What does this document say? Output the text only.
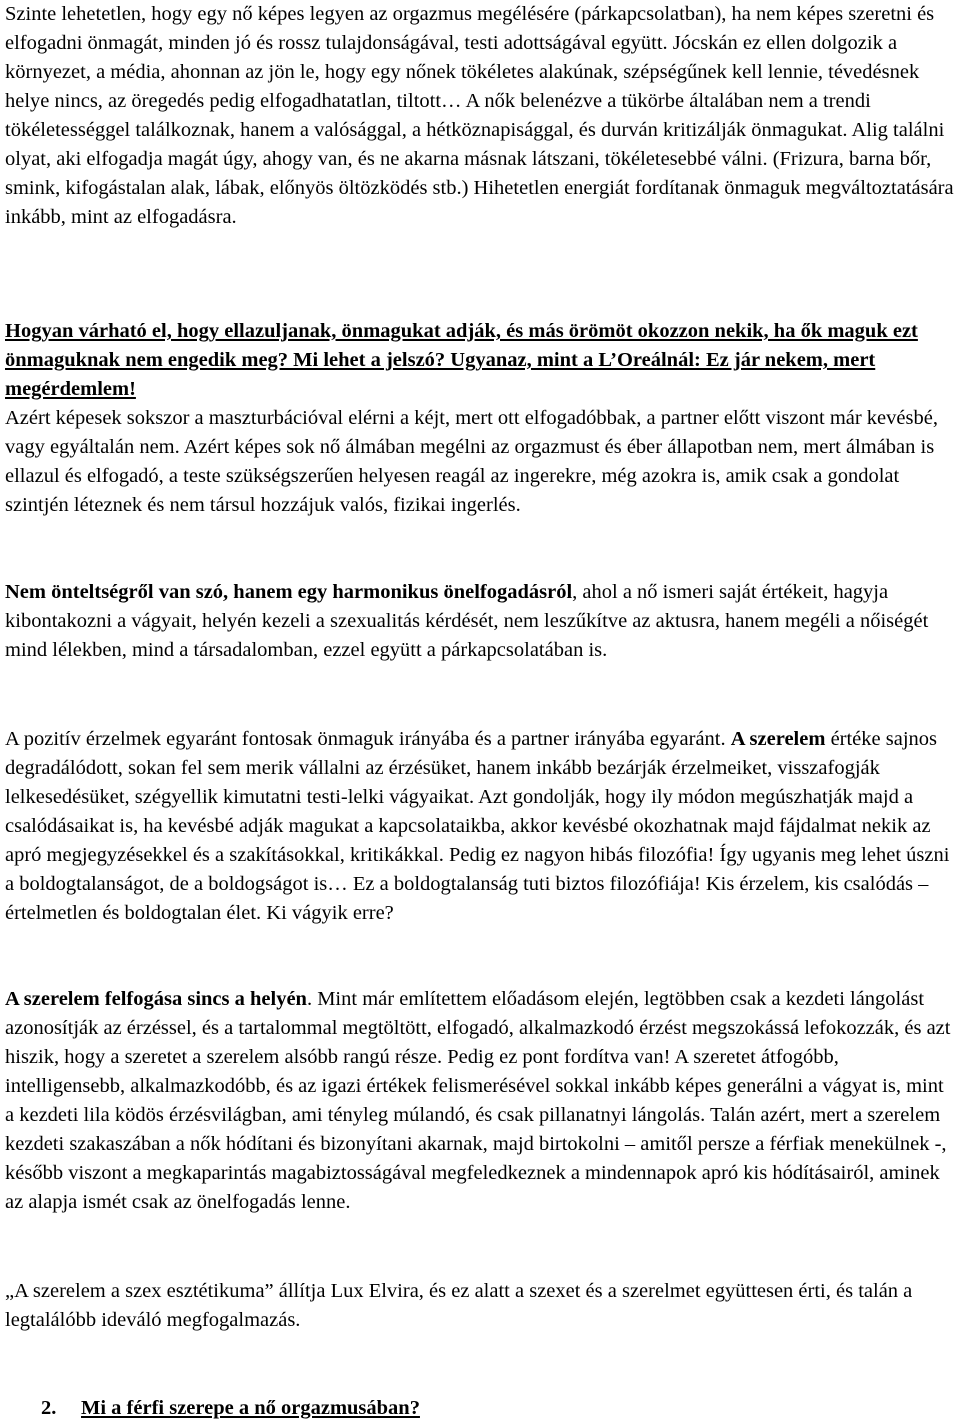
Szinte lehetetlen, hogy egy nő képes legyen az orgazmus megélésére (párkapcsolatban), ha nem képes szeretni és elfogadni önmagát, minden jó és rossz tulajdonságával, testi adottságával együtt. Jócskán ez ellen dolgozik a környezet, a média, ahonnan az jön le, hogy egy nőnek tökéletes alakúnak, szépségűnek kell lennie, tévedésnek helye nincs, az öregedés pedig elfogadhatatlan, tiltott… A nők belenézve a tükörbe általában nem a trendi tökéletességgel találkoznak, hanem a valósággal, a hétköznapisággal, és durván kritizálják önmagukat. Alig találni olyat, aki elfogadja magát úgy, ahogy van, és ne akarna másnak látszani, tökéletesebbé válni. (Frizura, barna bőr, smink, kifogástalan alak, lábak, előnyös öltözködés stb.) Hihetetlen energiát fordítanak önmaguk megváltoztatására inkább, mint az elfogadásra.

Hogyan várható el, hogy ellazuljanak, önmagukat adják, és más örömöt okozzon nekik, ha ők maguk ezt önmaguknak nem engedik meg? Mi lehet a jelszó? Ugyanaz, mint a L’Oreálnál: Ez jár nekem, mert megérdemlem!
Azért képesek sokszor a maszturbációval elérni a kéjt, mert ott elfogadóbbak, a partner előtt viszont már kevésbé, vagy egyáltalán nem. Azért képes sok nő álmában megélni az orgazmust és éber állapotban nem, mert álmában is ellazul és elfogadó, a teste szükségszerűen helyesen reagál az ingerekre, még azokra is, amik csak a gondolat szintjén léteznek és nem társul hozzájuk valós, fizikai ingerlés.

Nem önteltségről van szó, hanem egy harmonikus önelfogadásról, ahol a nő ismeri saját értékeit, hagyja kibontakozni a vágyait, helyén kezeli a szexualitás kérdését, nem leszűkítve az aktusra, hanem megéli a nőiségét mind lélekben, mind a társadalomban, ezzel együtt a párkapcsolatában is.

A pozitív érzelmek egyaránt fontosak önmaguk irányába és a partner irányába egyaránt. A szerelem értéke sajnos degradálódott, sokan fel sem merik vállalni az érzésüket, hanem inkább bezárják érzelmeiket, visszafogják lelkesedésüket, szégyellik kimutatni testi-lelki vágyaikat. Azt gondolják, hogy ily módon megúszhatják majd a csalódásaikat is, ha kevésbé adják magukat a kapcsolataikba, akkor kevésbé okozhatnak majd fájdalmat nekik az apró megjegyzésekkel és a szakításokkal, kritikákkal. Pedig ez nagyon hibás filozófia! Így ugyanis meg lehet úszni a boldogtalanságot, de a boldogságot is… Ez a boldogtalanság tuti biztos filozófiája! Kis érzelem, kis csalódás – értelmetlen és boldogtalan élet. Ki vágyik erre?

A szerelem felfogása sincs a helyén. Mint már említettem előadásom elején, legtöbben csak a kezdeti lángolást azonosítják az érzéssel, és a tartalommal megtöltött, elfogadó, alkalmazkodó érzést megszokássá lefokozzák, és azt hiszik, hogy a szeretet a szerelem alsóbb rangú része. Pedig ez pont fordítva van! A szeretet átfogóbb, intelligensebb, alkalmazkodóbb, és az igazi értékek felismerésével sokkal inkább képes generálni a vágyat is, mint a kezdeti lila ködös érzésvilágban, ami tényleg múlandó, és csak pillanatnyi lángolás. Talán azért, mert a szerelem kezdeti szakaszában a nők hódítani és bizonyítani akarnak, majd birtokolni – amitől persze a férfiak menekülnek -, később viszont a megkaparintás magabiztosságával megfeledkeznek a mindennapok apró kis hódításairól, aminek az alapja ismét csak az önelfogadás lenne.

„A szerelem a szex esztétikuma” állítja Lux Elvira, és ez alatt a szexet és a szerelmet együttesen érti, és talán a legtalálóbb ideváló megfogalmazás.

2. Mi a férfi szerepe a nő orgazmusában?
